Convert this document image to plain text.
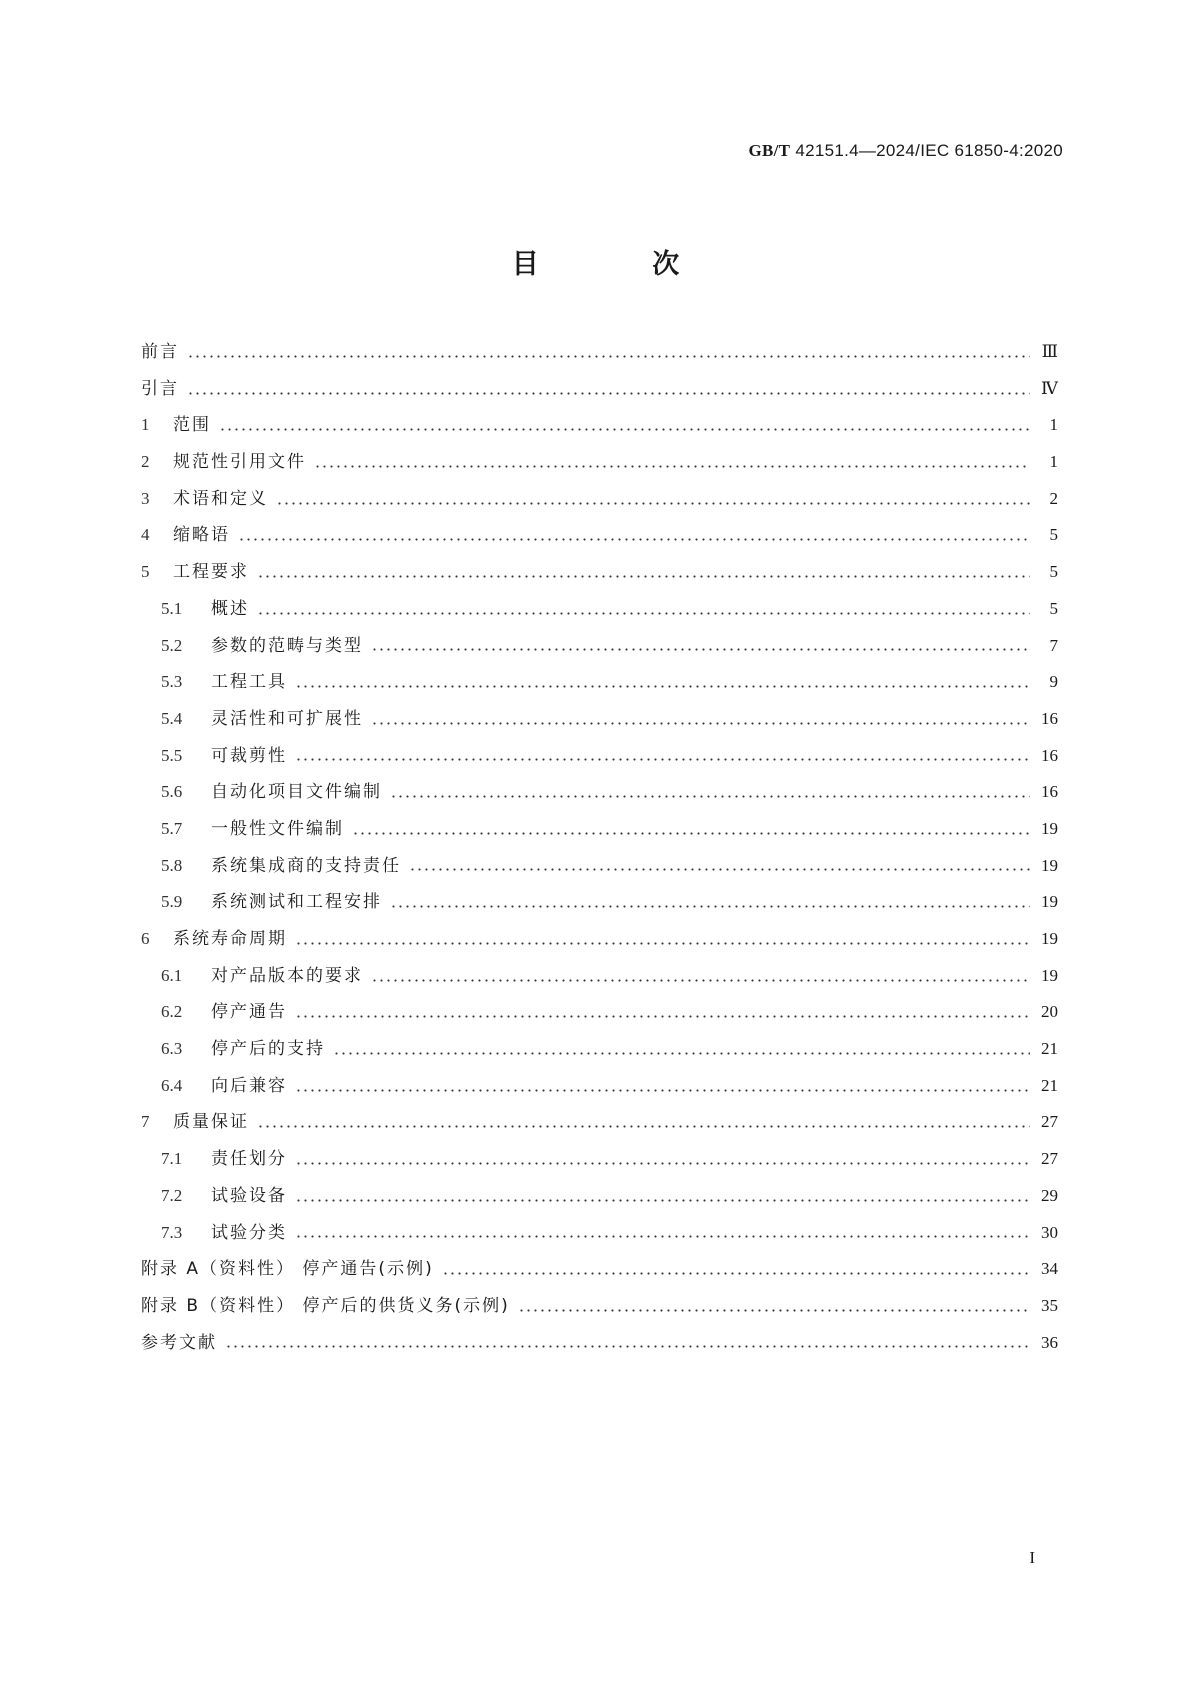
GB/T 42151.4—2024/IEC 61850-4:2020
目 次
前言	Ⅲ
引言	Ⅳ
1	范围	1
2	规范性引用文件	1
3	术语和定义	2
4	缩略语	5
5	工程要求	5
5.1	概述	5
5.2	参数的范畴与类型	7
5.3	工程工具	9
5.4	灵活性和可扩展性	16
5.5	可裁剪性	16
5.6	自动化项目文件编制	16
5.7	一般性文件编制	19
5.8	系统集成商的支持责任	19
5.9	系统测试和工程安排	19
6	系统寿命周期	19
6.1	对产品版本的要求	19
6.2	停产通告	20
6.3	停产后的支持	21
6.4	向后兼容	21
7	质量保证	27
7.1	责任划分	27
7.2	试验设备	29
7.3	试验分类	30
附录 A（资料性） 停产通告(示例)	34
附录 B（资料性） 停产后的供货义务(示例)	35
参考文献	36
I
